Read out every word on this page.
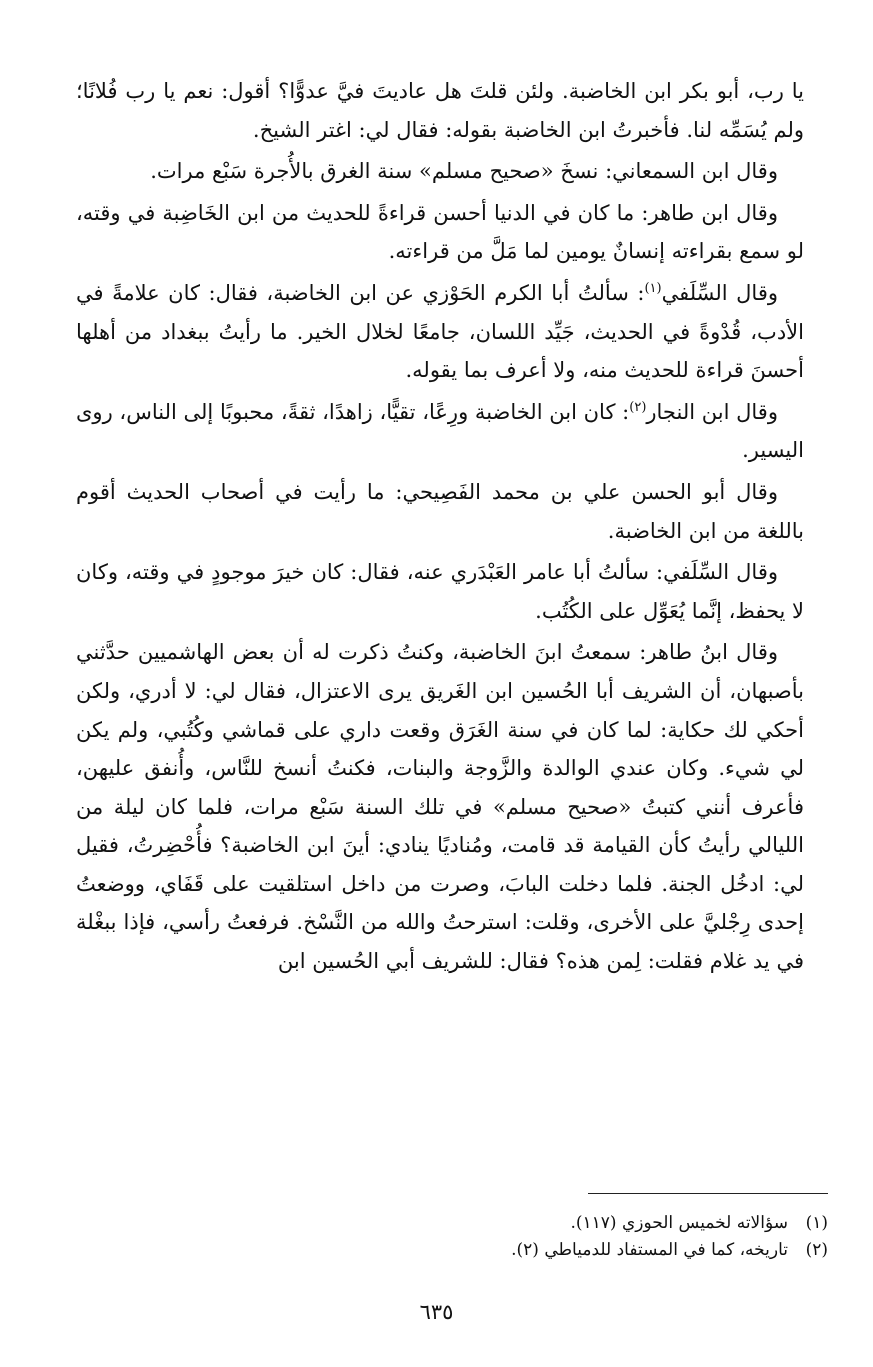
يا رب، أبو بكر ابن الخاضبة. ولئن قلتَ هل عاديتَ فيَّ عدوًّا؟ أقول: نعم يا رب فُلانًا؛ ولم يُسَمِّه لنا. فأخبرتُ ابن الخاضبة بقوله: فقال لي: اغتر الشيخ.

وقال ابن السمعاني: نسخَ «صحيح مسلم» سنة الغرق بالأُجرة سَبْع مرات.

وقال ابن طاهر: ما كان في الدنيا أحسن قراءةً للحديث من ابن الخَاضِبة في وقته، لو سمع بقراءته إنسانٌ يومين لما مَلَّ من قراءته.

وقال السِّلَفي$^{(١)}$: سألتُ أبا الكرم الحَوْزي عن ابن الخاضبة، فقال: كان علامةً في الأدب، قُدْوةً في الحديث، جَيِّد اللسان، جامعًا لخلال الخير. ما رأيتُ ببغداد من أهلها أحسنَ قراءة للحديث منه، ولا أعرف بما يقوله.

وقال ابن النجار$^{(٢)}$: كان ابن الخاضبة ورِعًا، تقيًّا، زاهدًا، ثقةً، محبوبًا إلى الناس، روى اليسير.

وقال أبو الحسن علي بن محمد الفَصِيحي: ما رأيت في أصحاب الحديث أقوم باللغة من ابن الخاضبة.

وقال السِّلَفي: سألتُ أبا عامر العَبْدَري عنه، فقال: كان خيرَ موجودٍ في وقته، وكان لا يحفظ، إنَّما يُعَوِّل على الكُتُب.

وقال ابنُ طاهر: سمعتُ ابنَ الخاضبة، وكنتُ ذكرت له أن بعض الهاشميين حدَّثني بأصبهان، أن الشريف أبا الحُسين ابن الغَريق يرى الاعتزال، فقال لي: لا أدري، ولكن أحكي لك حكاية: لما كان في سنة الغَرَق وقعت داري على قماشي وكُتُبي، ولم يكن لي شيء. وكان عندي الوالدة والزَّوجة والبنات، فكنتُ أنسخ للنَّاس، وأُنفق عليهن، فأعرف أنني كتبتُ «صحيح مسلم» في تلك السنة سَبْع مرات، فلما كان ليلة من الليالي رأيتُ كأن القيامة قد قامت، ومُناديًا ينادي: أينَ ابن الخاضبة؟ فأُحْضِرتُ، فقيل لي: ادخُل الجنة. فلما دخلت البابَ، وصرت من داخل استلقيت على قَفَاي، ووضعتُ إحدى رِجْليَّ على الأخرى، وقلت: استرحتُ والله من النَّسْخ. فرفعتُ رأسي، فإذا ببغْلة في يد غلام فقلت: لِمن هذه؟ فقال: للشريف أبي الحُسين ابن

(١)سؤالاته لخميس الحوزي (١١٧).
(٢)تاريخه، كما في المستفاد للدمياطي (٢).
٦٣٥
